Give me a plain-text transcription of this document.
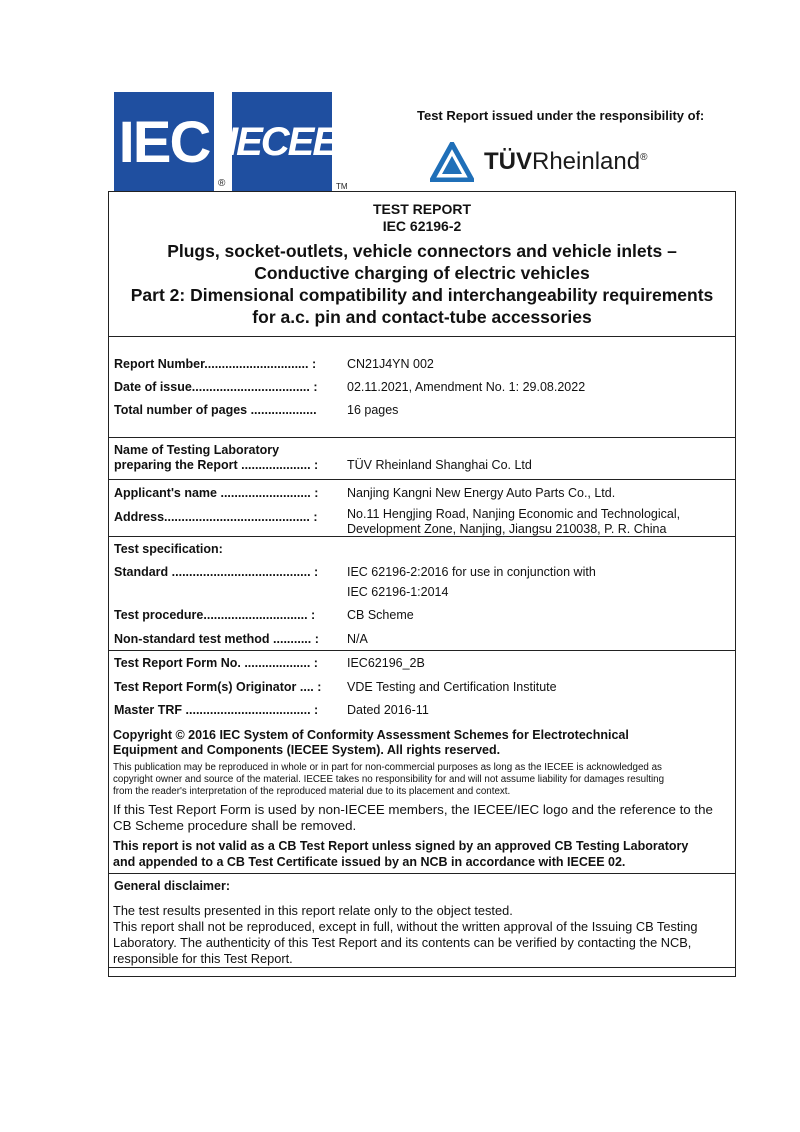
IEC
®
IECEE
TM
Test Report issued under the responsibility of:
TÜVRheinland®
TEST REPORT
IEC 62196-2
Plugs, socket-outlets, vehicle connectors and vehicle inlets –
Conductive charging of electric vehicles
Part 2: Dimensional compatibility and interchangeability requirements
for a.c. pin and contact-tube accessories
Report Number.............................. : CN21J4YN 002
Date of issue.................................. : 02.11.2021, Amendment No. 1: 29.08.2022
Total number of pages ................... 16 pages
Name of Testing Laboratory
preparing the Report .................... : TÜV Rheinland Shanghai Co. Ltd
Applicant's name .......................... : Nanjing Kangni New Energy Auto Parts Co., Ltd.
Address.......................................... : No.11 Hengjing Road, Nanjing Economic and Technological,
Development Zone, Nanjing, Jiangsu 210038, P. R. China
Test specification:
Standard ........................................ : IEC 62196-2:2016 for use in conjunction with
IEC 62196-1:2014
Test procedure.............................. :	CB Scheme
Non-standard test method ........... : N/A
Test Report Form No. ................... : IEC62196_2B
Test Report Form(s) Originator .... : VDE Testing and Certification Institute
Master TRF .................................... : Dated 2016-11
Copyright © 2016 IEC System of Conformity Assessment Schemes for Electrotechnical
Equipment and Components (IECEE System). All rights reserved.
This publication may be reproduced in whole or in part for non-commercial purposes as long as the IECEE is acknowledged as
copyright owner and source of the material. IECEE takes no responsibility for and will not assume liability for damages resulting
from the reader's interpretation of the reproduced material due to its placement and context.
If this Test Report Form is used by non-IECEE members, the IECEE/IEC logo and the reference to the
CB Scheme procedure shall be removed.
This report is not valid as a CB Test Report unless signed by an approved CB Testing Laboratory
and appended to a CB Test Certificate issued by an NCB in accordance with IECEE 02.
General disclaimer:
The test results presented in this report relate only to the object tested.
This report shall not be reproduced, except in full, without the written approval of the Issuing CB Testing
Laboratory. The authenticity of this Test Report and its contents can be verified by contacting the NCB,
responsible for this Test Report.
